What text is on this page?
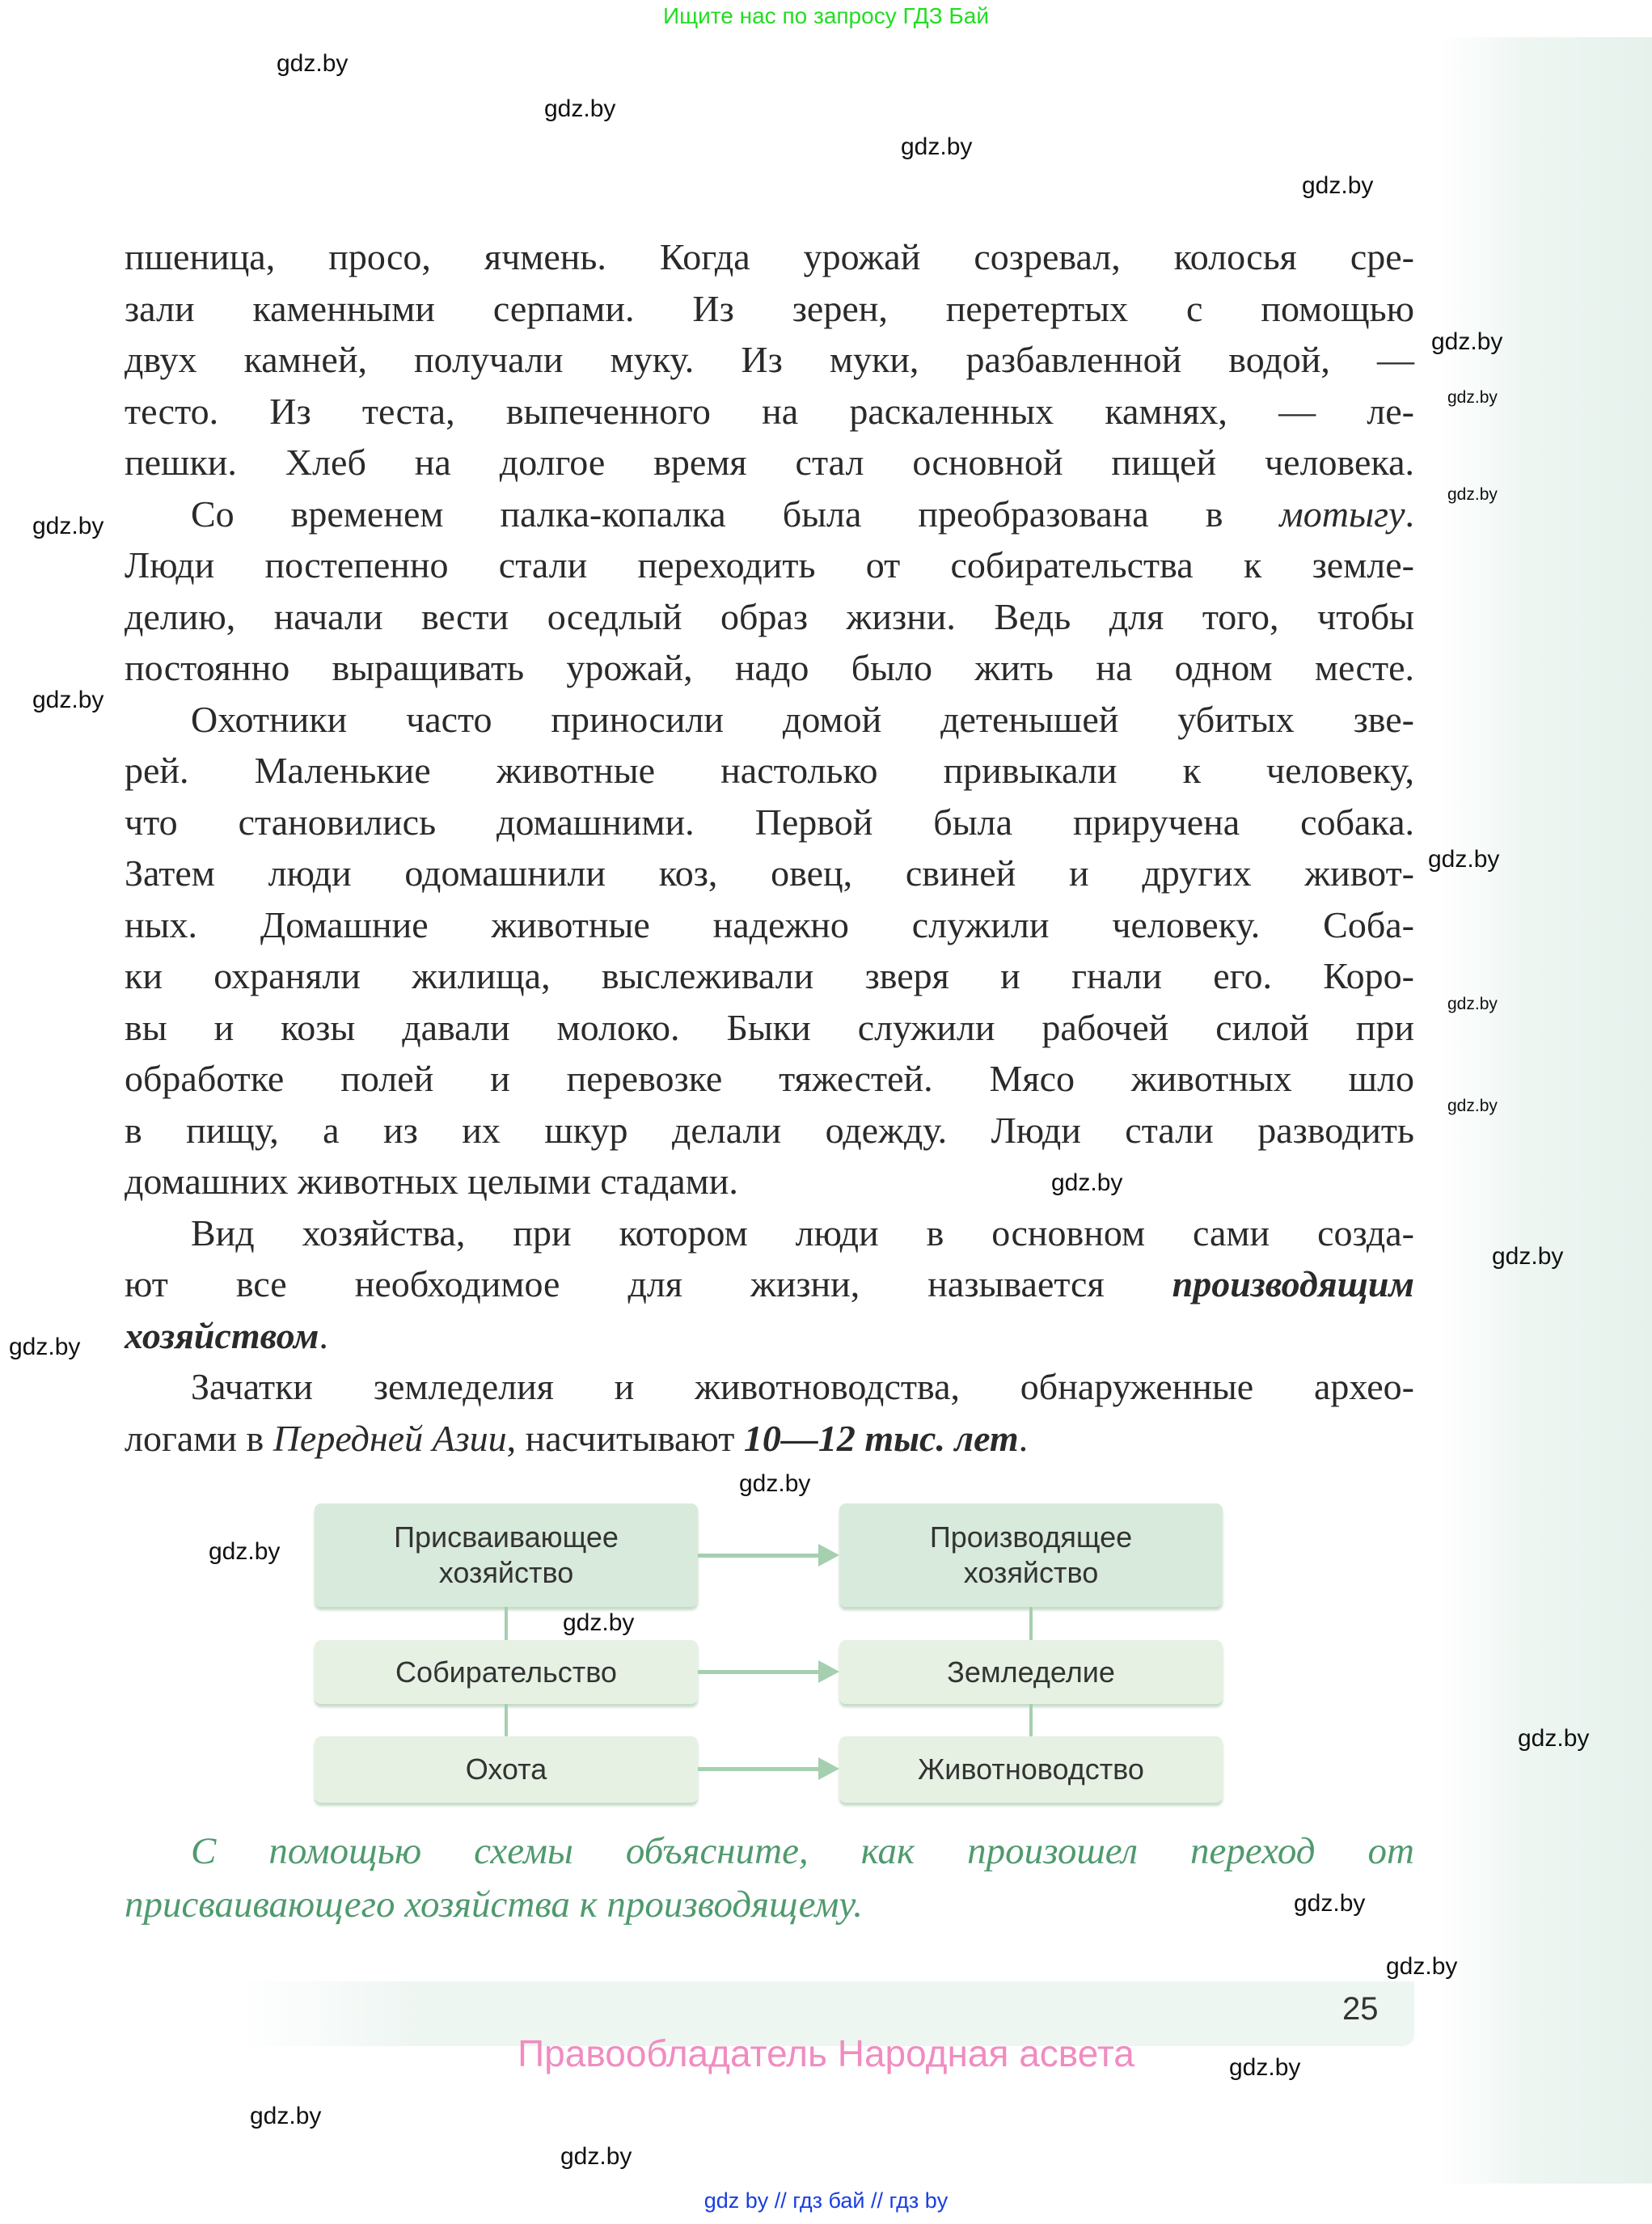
Ищите нас по запросу ГДЗ Бай
пшеница, просо, ячмень. Когда урожай созревал, колосья сре-
зали каменными серпами. Из зерен, перетертых с помощью
двух камней, получали муку. Из муки, разбавленной водой, —
тесто. Из теста, выпеченного на раскаленных камнях, — ле-
пешки. Хлеб на долгое время стал основной пищей человека.
Со временем палка-копалка была преобразована в мотыгу.
Люди постепенно стали переходить от собирательства к земле-
делию, начали вести оседлый образ жизни. Ведь для того, чтобы
постоянно выращивать урожай, надо было жить на одном месте.
Охотники часто приносили домой детенышей убитых зве-
рей. Маленькие животные настолько привыкали к человеку,
что становились домашними. Первой была приручена собака.
Затем люди одомашнили коз, овец, свиней и других живот-
ных. Домашние животные надежно служили человеку. Соба-
ки охраняли жилища, выслеживали зверя и гнали его. Коро-
вы и козы давали молоко. Быки служили рабочей силой при
обработке полей и перевозке тяжестей. Мясо животных шло
в пищу, а из их шкур делали одежду. Люди стали разводить
домашних животных целыми стадами.
Вид хозяйства, при котором люди в основном сами созда-
ют все необходимое для жизни, называется производящим
хозяйством.
Зачатки земледелия и животноводства, обнаруженные архео-
логами в Передней Азии, насчитывают 10—12 тыс. лет.
Присваивающее хозяйство
Производящее хозяйство
Собирательство	Земледелие
Охота	Животноводство
С помощью схемы объясните, как произошел переход от
присваивающего хозяйства к производящему.
25
Правообладатель Народная асвета
gdz by // гдз бай // гдз by
gdz.by
gdz.by
gdz.by
gdz.by
gdz.by
gdz.by
gdz.by
gdz.by
gdz.by
gdz.by
gdz.by
gdz.by
gdz.by
gdz.by
gdz.by
gdz.by
gdz.by
gdz.by
gdz.by
gdz.by
gdz.by
gdz.by
gdz.by
gdz.by
